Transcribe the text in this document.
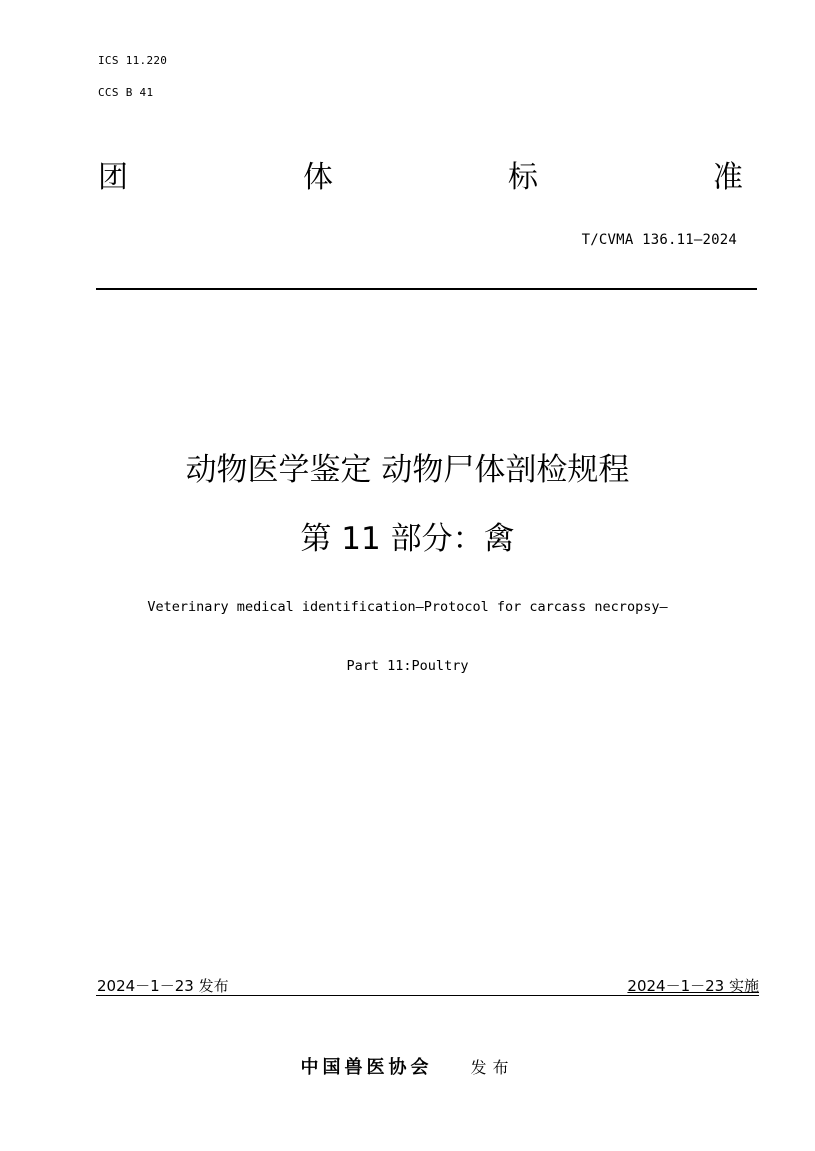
ICS 11.220
CCS B 41
团	体	标	准
T/CVMA 136.11—2024
动物医学鉴定 动物尸体剖检规程
第 11 部分：禽
Veterinary medical identification—Protocol for carcass necropsy—
Part 11:Poultry
2024－1－23 发布	2024－1－23 实施
中国兽医协会 发布
